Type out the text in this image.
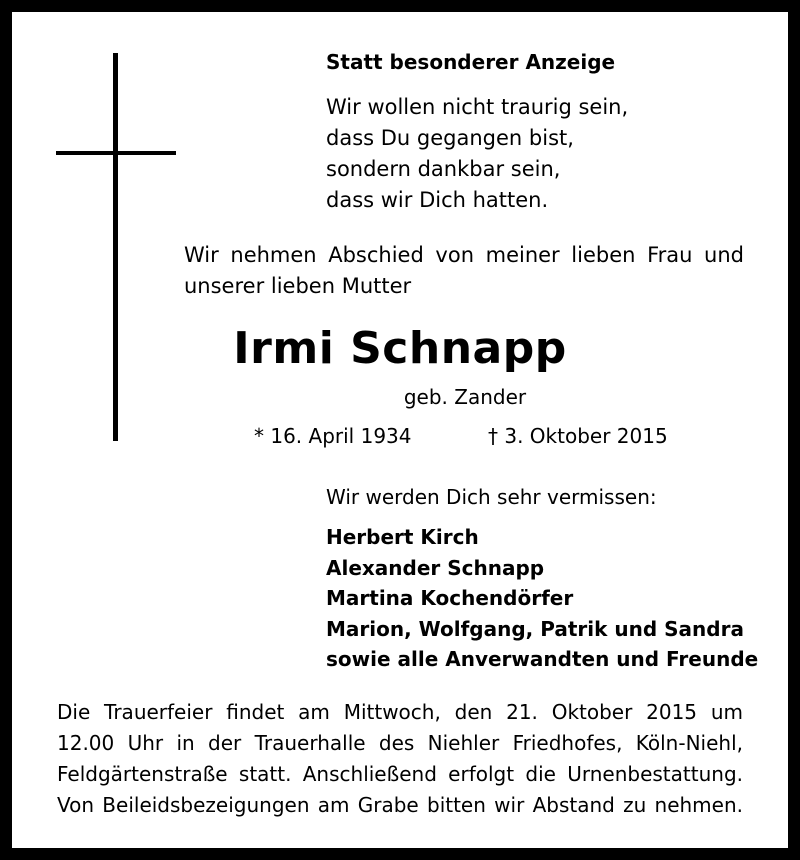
Statt besonderer Anzeige

Wir wollen nicht traurig sein,
dass Du gegangen bist,
sondern dankbar sein,
dass wir Dich hatten.
Wir nehmen Abschied von meiner lieben Frau und
unserer lieben Mutter
Irmi Schnapp
geb. Zander

* 16. April 1934	† 3. Oktober 2015

Wir werden Dich sehr vermissen:

Herbert Kirch
Alexander Schnapp
Martina Kochendörfer
Marion, Wolfgang, Patrik und Sandra
sowie alle Anverwandten und Freunde
Die Trauerfeier findet am Mittwoch, den 21. Oktober 2015 um
12.00 Uhr in der Trauerhalle des Niehler Friedhofes, Köln-Niehl,
Feldgärtenstraße statt. Anschließend erfolgt die Urnenbestattung.
Von Beileidsbezeigungen am Grabe bitten wir Abstand zu nehmen.
